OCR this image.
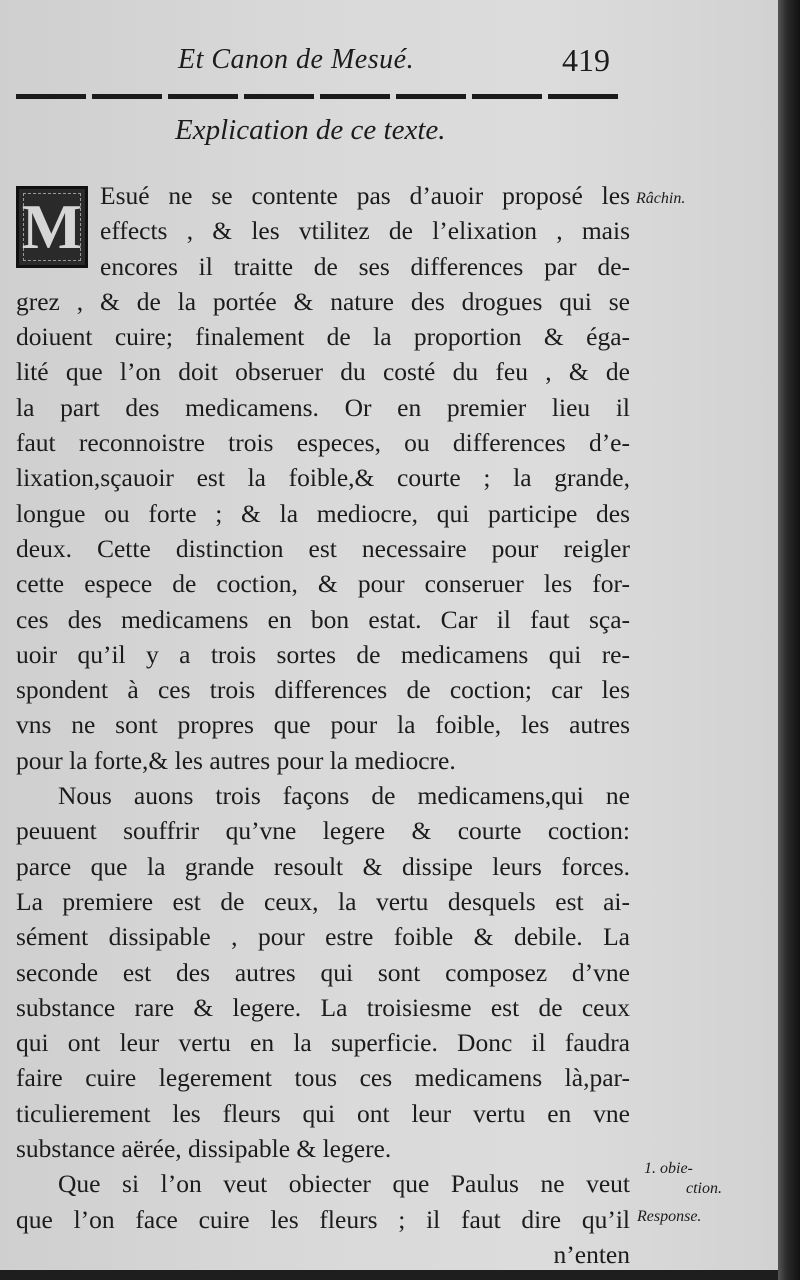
Et Canon de Mesué.	419
Explication de ce texte.
M Esué ne se contente pas d’auoir proposé les
effects , & les vtilitez de l’elixation , mais
encores il traitte de ses differences par de-
grez , & de la portée & nature des drogues qui se
doiuent cuire; finalement de la proportion & éga-
lité que l’on doit obseruer du costé du feu , & de
la part des medicamens. Or en premier lieu il
faut reconnoistre trois especes, ou differences d’e-
lixation,sçauoir est la foible,& courte ; la grande,
longue ou forte ; & la mediocre, qui participe des
deux. Cette distinction est necessaire pour reigler
cette espece de coction, & pour conseruer les for-
ces des medicamens en bon estat. Car il faut sça-
uoir qu’il y a trois sortes de medicamens qui re-
spondent à ces trois differences de coction; car les
vns ne sont propres que pour la foible, les autres
pour la forte,& les autres pour la mediocre.
Nous auons trois façons de medicamens,qui ne
peuuent souffrir qu’vne legere & courte coction:
parce que la grande resoult & dissipe leurs forces.
La premiere est de ceux, la vertu desquels est ai-
sément dissipable , pour estre foible & debile. La
seconde est des autres qui sont composez d’vne
substance rare & legere. La troisiesme est de ceux
qui ont leur vertu en la superficie. Donc il faudra
faire cuire legerement tous ces medicamens là,par-
ticulierement les fleurs qui ont leur vertu en vne
substance aërée, dissipable & legere.
Que si l’on veut obiecter que Paulus ne veut
que l’on face cuire les fleurs ; il faut dire qu’il
n’enten
Râchin.
1. obie-
ction.
Response.
